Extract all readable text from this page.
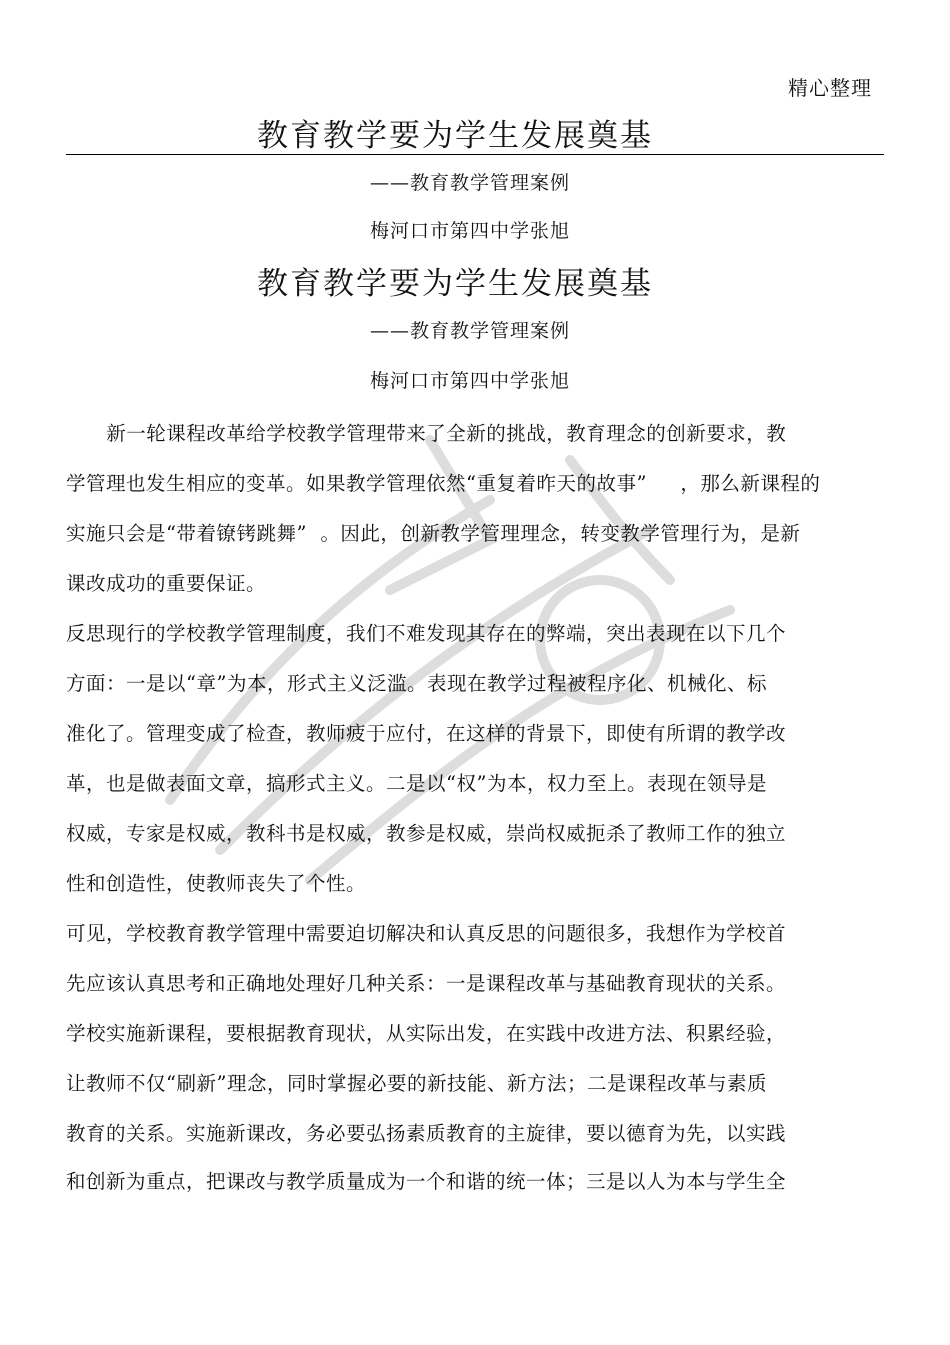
精心整理
教育教学要为学生发展奠基
——教育教学管理案例
梅河口市第四中学张旭
教育教学要为学生发展奠基
——教育教学管理案例
梅河口市第四中学张旭
新一轮课程改革给学校教学管理带来了全新的挑战，教育理念的创新要求，教
学管理也发生相应的变革。如果教学管理依然“重复着昨天的故事”     ，那么新课程的
实施只会是“带着镣铐跳舞”  。因此，创新教学管理理念，转变教学管理行为，是新
课改成功的重要保证。
反思现行的学校教学管理制度，我们不难发现其存在的弊端，突出表现在以下几个
方面：一是以“章”为本，形式主义泛滥。表现在教学过程被程序化、机械化、标
准化了。管理变成了检查，教师疲于应付，在这样的背景下，即使有所谓的教学改
革，也是做表面文章，搞形式主义。二是以“权”为本，权力至上。表现在领导是
权威，专家是权威，教科书是权威，教参是权威，崇尚权威扼杀了教师工作的独立
性和创造性，使教师丧失了个性。
可见，学校教育教学管理中需要迫切解决和认真反思的问题很多，我想作为学校首
先应该认真思考和正确地处理好几种关系：一是课程改革与基础教育现状的关系。
学校实施新课程，要根据教育现状，从实际出发，在实践中改进方法、积累经验，
让教师不仅“刷新”理念，同时掌握必要的新技能、新方法；二是课程改革与素质
教育的关系。实施新课改，务必要弘扬素质教育的主旋律，要以德育为先，以实践
和创新为重点，把课改与教学质量成为一个和谐的统一体；三是以人为本与学生全
